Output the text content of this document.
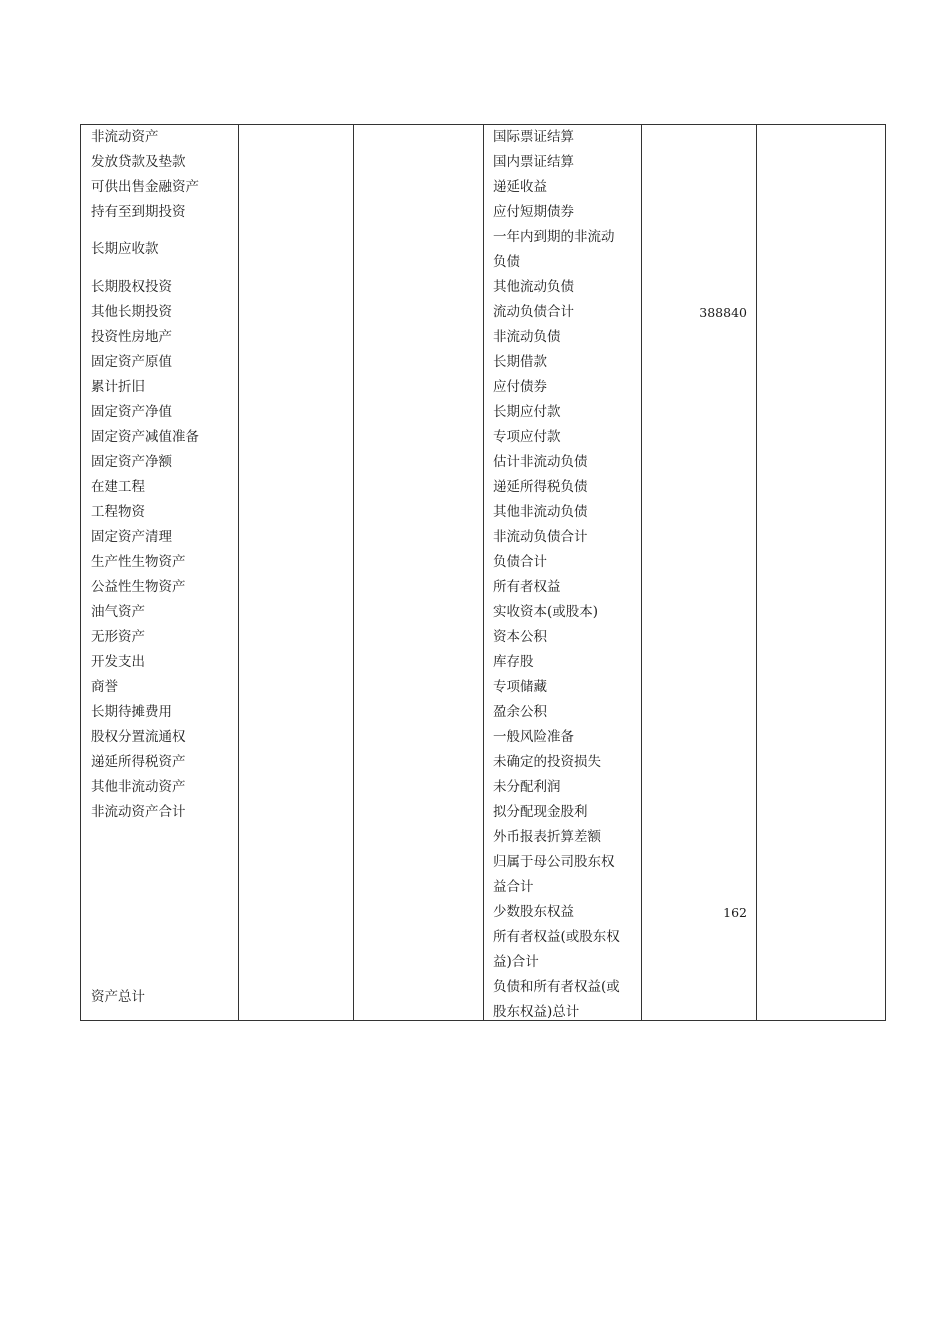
非流动资产
发放贷款及垫款
可供出售金融资产
持有至到期投资
长期应收款
长期股权投资
其他长期投资
投资性房地产
固定资产原值
累计折旧
固定资产净值
固定资产减值准备
固定资产净额
在建工程
工程物资
固定资产清理
生产性生物资产
公益性生物资产
油气资产
无形资产
开发支出
商誉
长期待摊费用
股权分置流通权
递延所得税资产
其他非流动资产
非流动资产合计
资产总计
国际票证结算
国内票证结算
递延收益
应付短期债券
一年内到期的非流动
负债
其他流动负债
流动负债合计
非流动负债
长期借款
应付债券
长期应付款
专项应付款
估计非流动负债
递延所得税负债
其他非流动负债
非流动负债合计
负债合计
所有者权益
实收资本(或股本)
资本公积
库存股
专项储藏
盈余公积
一般风险准备
未确定的投资损失
未分配利润
拟分配现金股利
外币报表折算差额
归属于母公司股东权
益合计
少数股东权益
所有者权益(或股东权
益)合计
负债和所有者权益(或
股东权益)总计
388840
162
